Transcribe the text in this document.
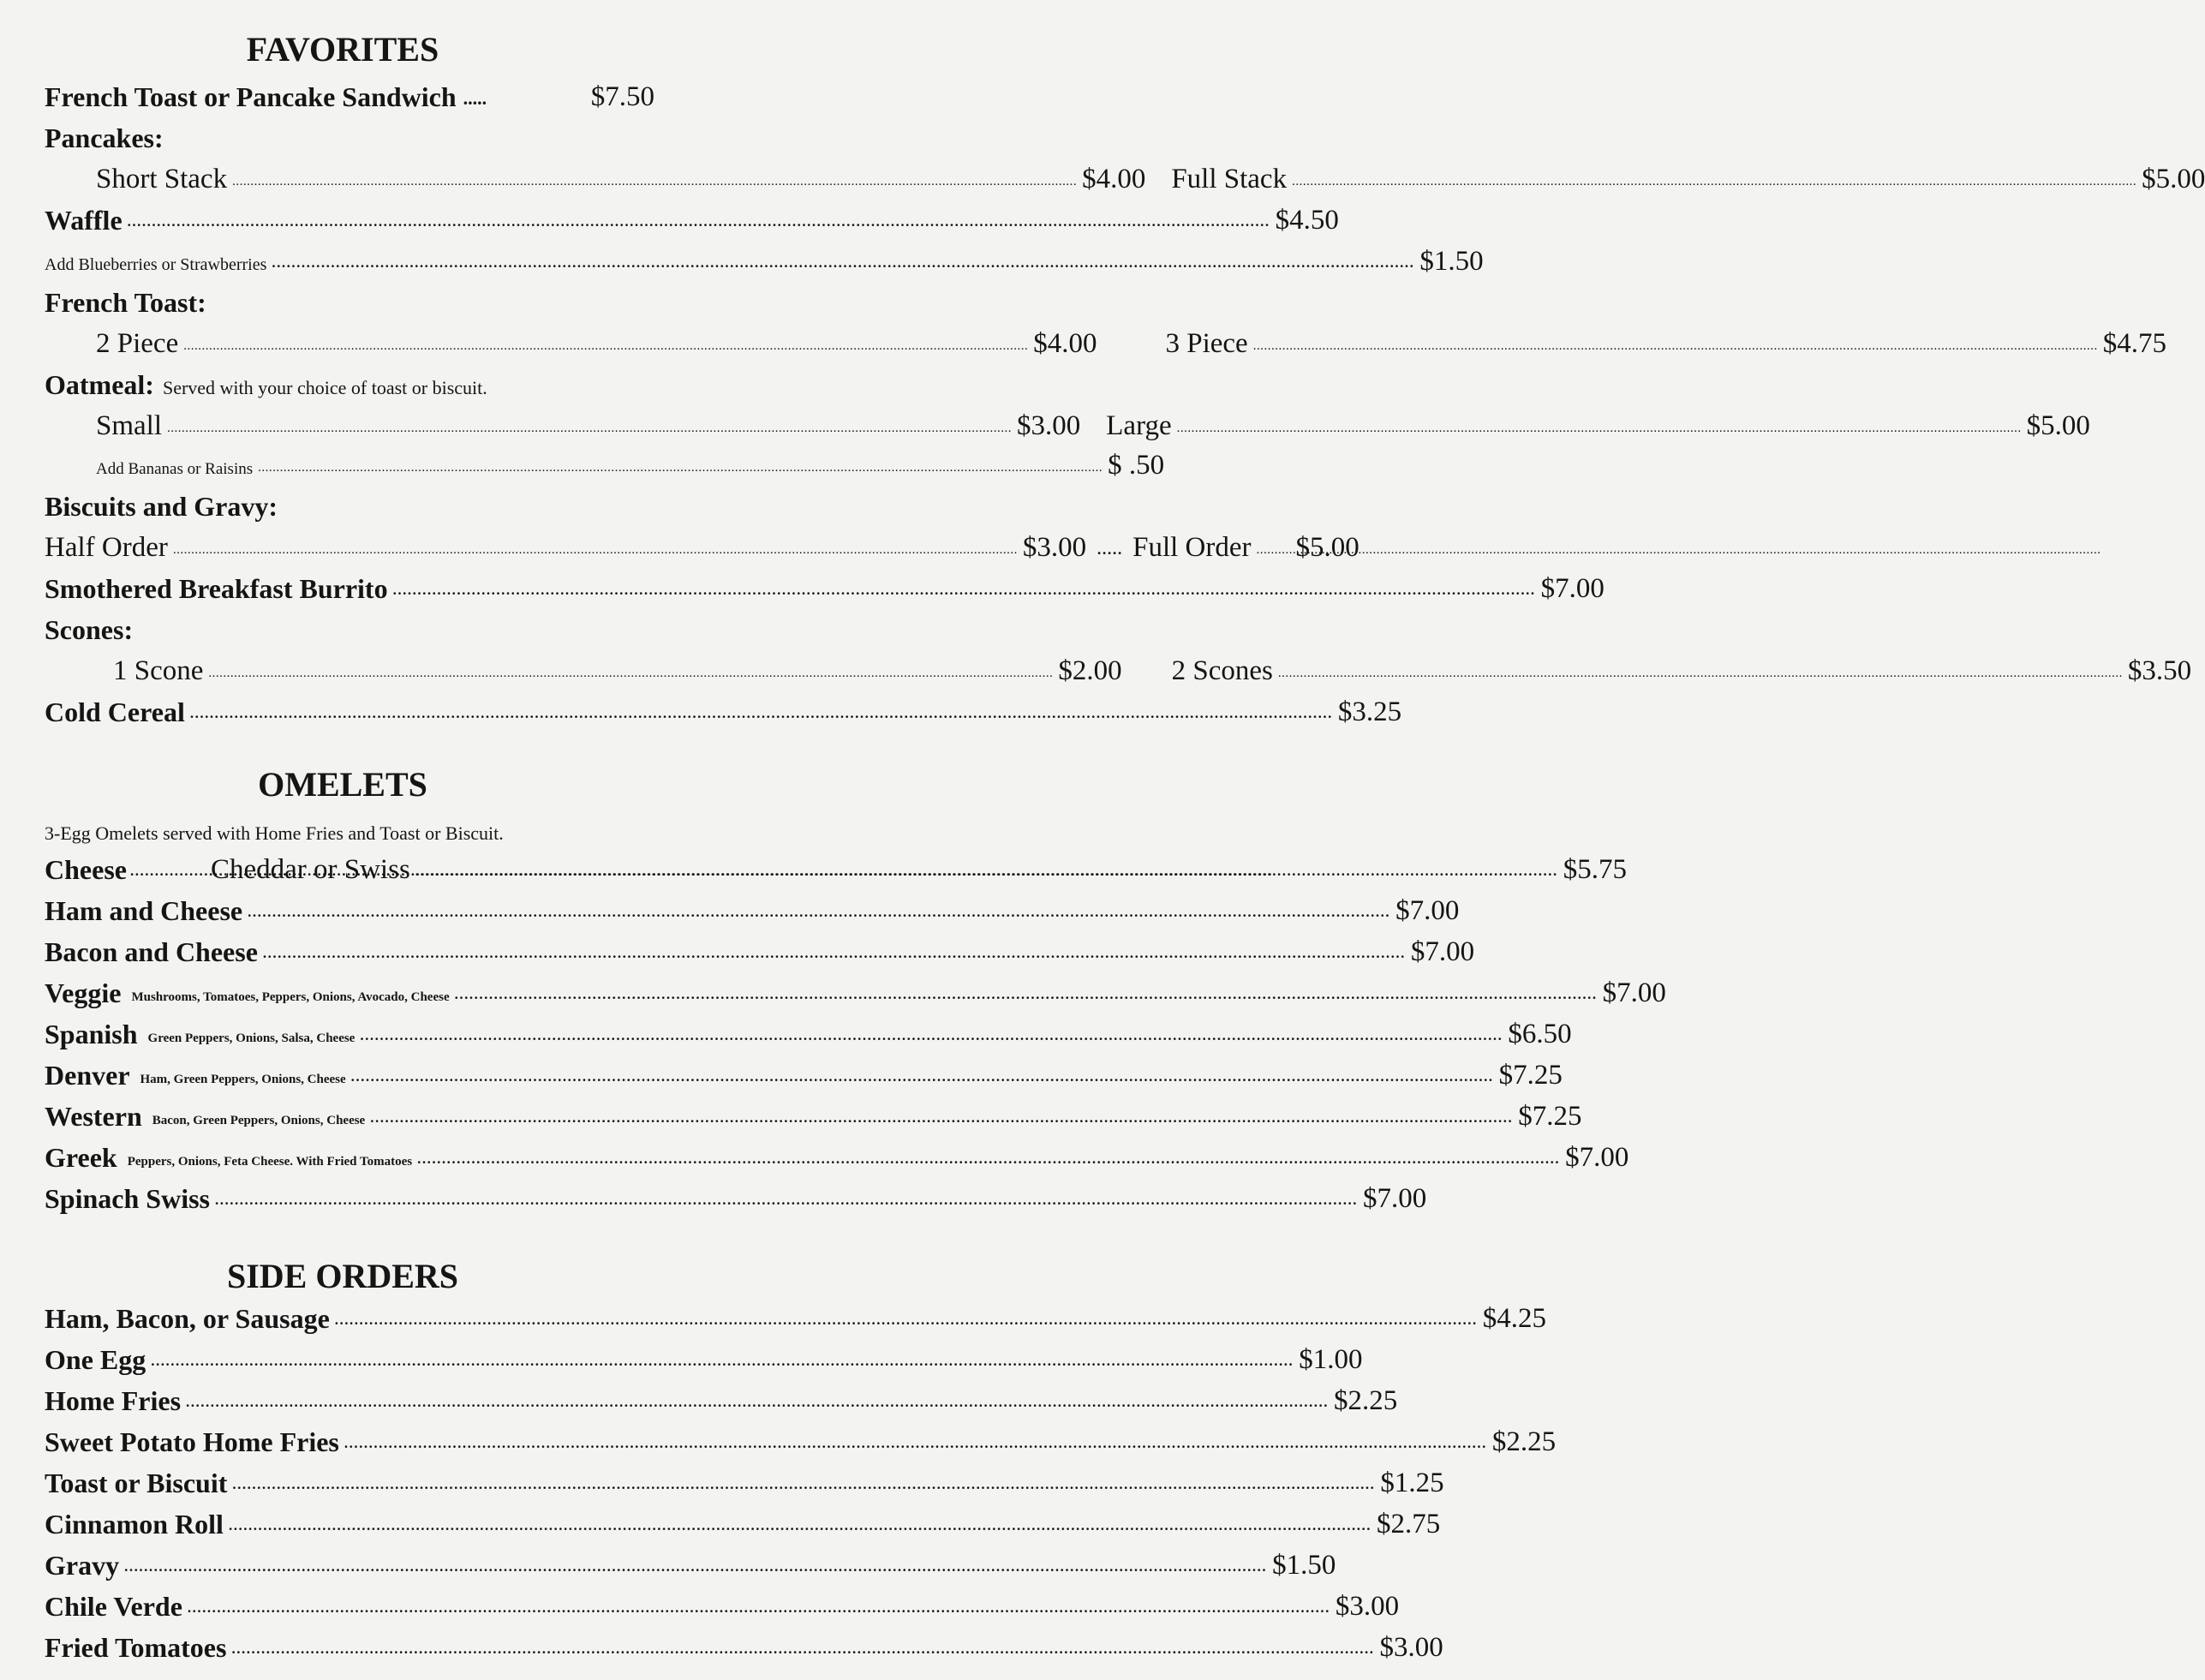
FAVORITES
French Toast or Pancake Sandwich .....	$7.50
Pancakes:
Short Stack .....	$4.00 Full Stack .....	$5.00
Waffle .....	$4.50
Add Blueberries or Strawberries .....	$1.50
French Toast:
2 Piece .....	$4.00 3 Piece .....	$4.75
Oatmeal: Served with your choice of toast or biscuit.
Small .....	$3.00 Large .....	$5.00
Add Bananas or Raisins .....	$ .50
Biscuits and Gravy:
Half Order .....	$3.00 ..... Full Order ..... $5.00
Smothered Breakfast Burrito .....	$7.00
Scones:
1 Scone .....	$2.00 2 Scones .....	$3.50
Cold Cereal .....	$3.25
OMELETS
3-Egg Omelets served with Home Fries and Toast or Biscuit.
Cheese .....	Cheddar or Swiss .....	$5.75
Ham and Cheese .....	$7.00
Bacon and Cheese .....	$7.00
Veggie Mushrooms, Tomatoes, Peppers, Onions, Avocado, Cheese .....	$7.00
Spanish Green Peppers, Onions, Salsa, Cheese .....	$6.50
Denver Ham, Green Peppers, Onions, Cheese .....	$7.25
Western Bacon, Green Peppers, Onions, Cheese .....	$7.25
Greek Peppers, Onions, Feta Cheese. With Fried Tomatoes .....	$7.00
Spinach Swiss .....	$7.00
SIDE ORDERS
Ham, Bacon, or Sausage .....	$4.25
One Egg .....	$1.00
Home Fries .....	$2.25
Sweet Potato Home Fries .....	$2.25
Toast or Biscuit .....	$1.25
Cinnamon Roll .....	$2.75
Gravy .....	$1.50
Chile Verde .....	$3.00
Fried Tomatoes .....	$3.00
